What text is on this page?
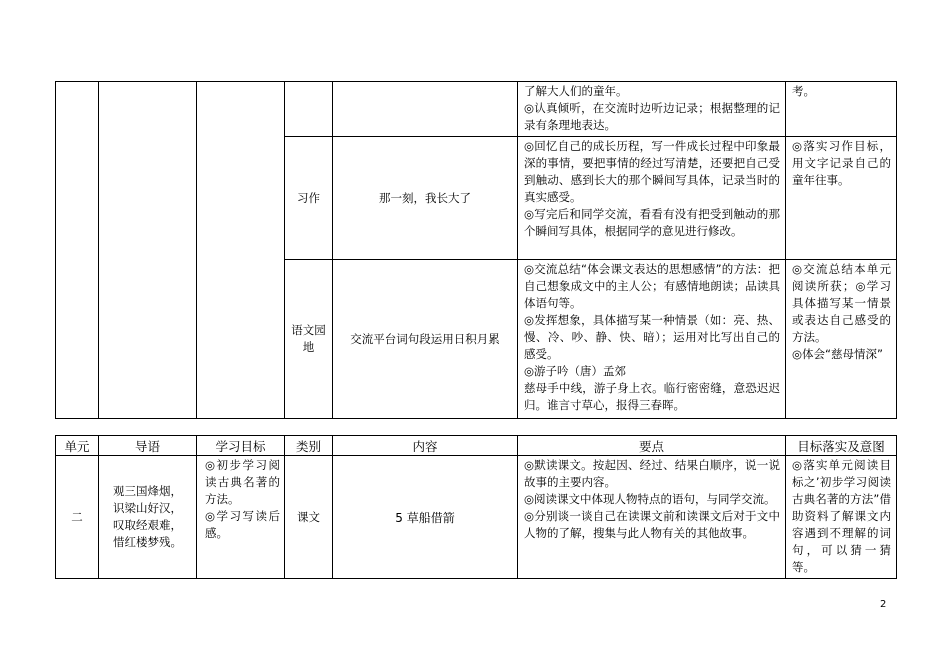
					了解大人们的童年。
◎认真倾听，在交流时边听边记录；根据整理的记录有条理地表达。	考。

			习作	那一刻，我长大了	◎回忆自己的成长历程，写一件成长过程中印象最深的事情，要把事情的经过写清楚，还要把自己受到触动、感到长大的那个瞬间写具体，记录当时的真实感受。
◎写完后和同学交流，看看有没有把受到触动的那个瞬间写具体，根据同学的意见进行修改。	◎落实习作目标，用文字记录自己的童年往事。

			语文园地	交流平台词句段运用日积月累	◎交流总结“体会课文表达的思想感情”的方法：把自己想象成文中的主人公；有感情地朗读；品读具体语句等。
◎发挥想象，具体描写某一种情景（如：亮、热、慢、冷、吵、静、快、暗）；运用对比写出自己的感受。
◎游子吟（唐）孟郊
慈母手中线，游子身上衣。临行密密缝，意恐迟迟归。谁言寸草心，报得三春晖。	◎交流总结本单元阅读所获；◎学习具体描写某一情景或表达自己感受的方法。
◎体会“慈母情深”
单元	导语	学习目标	类别	内容	要点	目标落实及意图
二	观三国烽烟，
识梁山好汉，
叹取经艰难，
惜红楼梦残。	◎初步学习阅读古典名著的方法。
◎学习写读后感。	课文	5 草船借箭	◎默读课文。按起因、经过、结果白顺序，说一说故事的主要内容。
◎阅读课文中体现人物特点的语句，与同学交流。
◎分别谈一谈自己在读课文前和读课文后对于文中人物的了解，搜集与此人物有关的其他故事。	◎落实单元阅读目标之’初步学习阅读古典名著的方法”借助资料了解课文内容遇到不理解的词句，可以猜一猜等。
2
